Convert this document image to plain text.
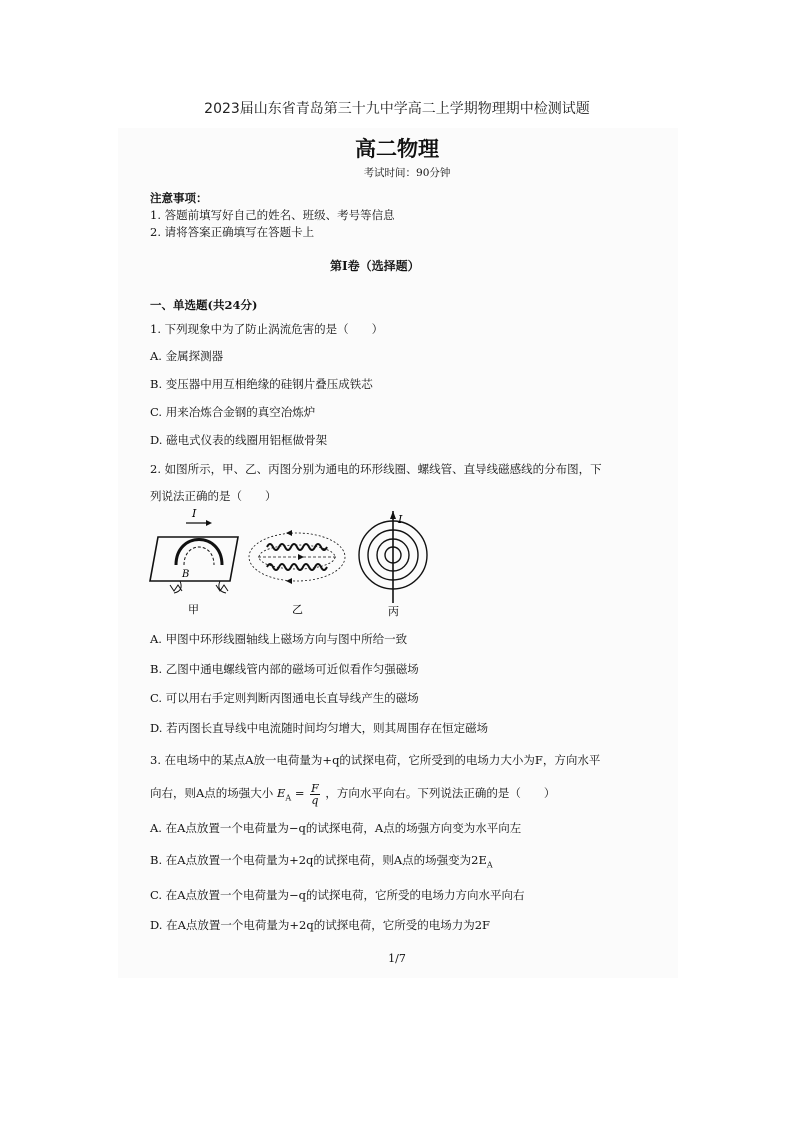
2023届山东省青岛第三十九中学高二上学期物理期中检测试题
高二物理
考试时间：90分钟
注意事项：
1. 答题前填写好自己的姓名、班级、考号等信息
2. 请将答案正确填写在答题卡上
第I卷（选择题）
一、单选题(共24分)
1. 下列现象中为了防止涡流危害的是（　　）
A. 金属探测器
B. 变压器中用互相绝缘的硅钢片叠压成铁芯
C. 用来冶炼合金钢的真空冶炼炉
D. 磁电式仪表的线圈用铝框做骨架
2. 如图所示，甲、乙、丙图分别为通电的环形线圈、螺线管、直导线磁感线的分布图，下
列说法正确的是（　　）
I
B
甲	乙
I
丙
A. 甲图中环形线圈轴线上磁场方向与图中所给一致
B. 乙图中通电螺线管内部的磁场可近似看作匀强磁场
C. 可以用右手定则判断丙图通电长直导线产生的磁场
D. 若丙图长直导线中电流随时间均匀增大，则其周围存在恒定磁场
3. 在电场中的某点A放一电荷量为+q的试探电荷，它所受到的电场力大小为F，方向水平
向右，则A点的场强大小 $E_A = \frac{F}{q}$ ，方向水平向右。下列说法正确的是（　　）
A. 在A点放置一个电荷量为−q的试探电荷，A点的场强方向变为水平向左
B. 在A点放置一个电荷量为+2q的试探电荷，则A点的场强变为$2E_A$
C. 在A点放置一个电荷量为−q的试探电荷，它所受的电场力方向水平向右
D. 在A点放置一个电荷量为+2q的试探电荷，它所受的电场力为2F
1/7
